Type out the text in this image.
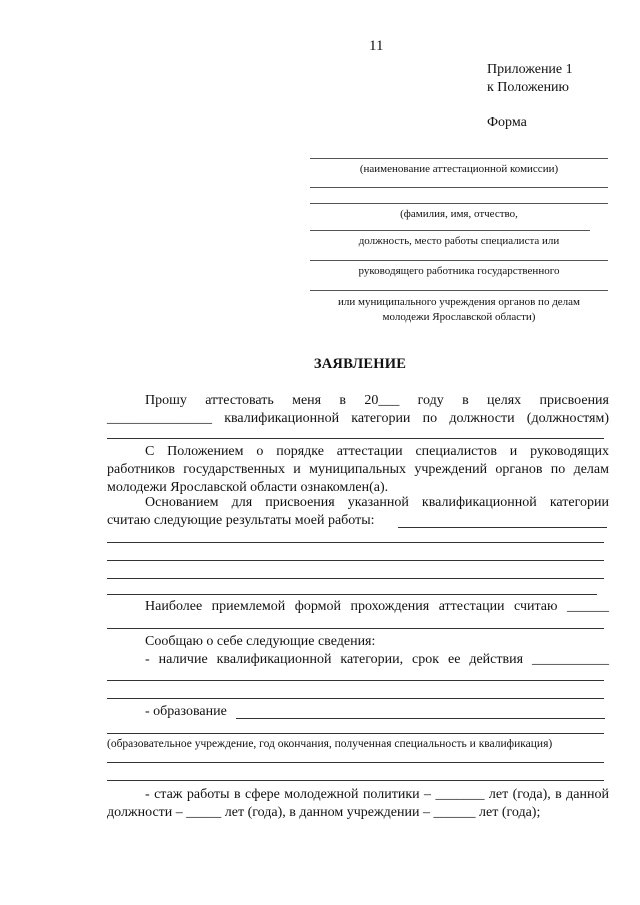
11
Приложение 1
к Положению
Форма
(наименование аттестационной комиссии)
(фамилия, имя, отчество,
должность, место работы специалиста или
руководящего работника государственного
или муниципального учреждения органов по делам
молодежи Ярославской области)
ЗАЯВЛЕНИЕ
Прошу аттестовать меня в 20___ году в целях присвоения
_______________ квалификационной категории по должности (должностям)
С Положением о порядке аттестации специалистов и руководящих работников государственных и муниципальных учреждений органов по делам молодежи Ярославской области ознакомлен(а).
Основанием для присвоения указанной квалификационной категории
считаю следующие результаты моей работы:
Наиболее приемлемой формой прохождения аттестации считаю ______
Сообщаю о себе следующие сведения:
- наличие квалификационной категории, срок ее действия ___________
- образование
(образовательное учреждение, год окончания, полученная специальность и квалификация)
- стаж работы в сфере молодежной политики – _______ лет (года), в данной должности – _____ лет (года), в данном учреждении – ______ лет (года);
